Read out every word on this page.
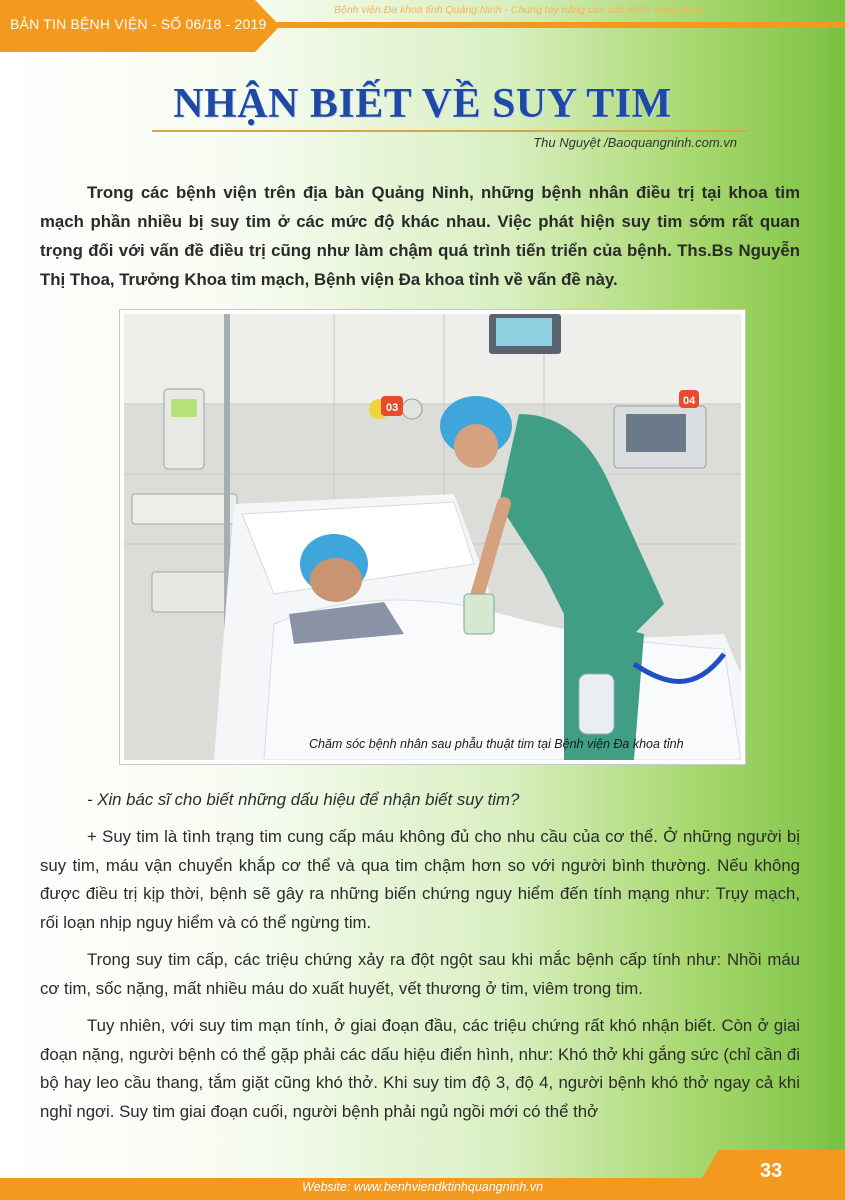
BẢN TIN BỆNH VIỆN - SỐ 06/18 - 2019
Bệnh viện Đa khoa tỉnh Quảng Ninh - Chung tay nâng cao sức khỏe cộng đồng
NHẬN BIẾT VỀ SUY TIM
Thu Nguyệt /Baoquangninh.com.vn
Trong các bệnh viện trên địa bàn Quảng Ninh, những bệnh nhân điều trị tại khoa tim mạch phần nhiều bị suy tim ở các mức độ khác nhau. Việc phát hiện suy tim sớm rất quan trọng đối với vấn đề điều trị cũng như làm chậm quá trình tiến triển của bệnh. Ths.Bs Nguyễn Thị Thoa, Trưởng Khoa tim mạch, Bệnh viện Đa khoa tỉnh về vấn đề này.
03
04
Chăm sóc bệnh nhân sau phẫu thuật tim tại Bệnh viện Đa khoa tỉnh
- Xin bác sĩ cho biết những dấu hiệu để nhận biết suy tim?
+ Suy tim là tình trạng tim cung cấp máu không đủ cho nhu cầu của cơ thể. Ở những người bị suy tim, máu vận chuyển khắp cơ thể và qua tim chậm hơn so với người bình thường. Nếu không được điều trị kịp thời, bệnh sẽ gây ra những biến chứng nguy hiểm đến tính mạng như: Trụy mạch, rối loạn nhịp nguy hiểm và có thể ngừng tim.
Trong suy tim cấp, các triệu chứng xảy ra đột ngột sau khi mắc bệnh cấp tính như: Nhồi máu cơ tim, sốc nặng, mất nhiều máu do xuất huyết, vết thương ở tim, viêm trong tim.
Tuy nhiên, với suy tim mạn tính, ở giai đoạn đầu, các triệu chứng rất khó nhận biết. Còn ở giai đoạn nặng, người bệnh có thể gặp phải các dấu hiệu điển hình, như: Khó thở khi gắng sức (chỉ cần đi bộ hay leo cầu thang, tắm giặt cũng khó thở. Khi suy tim độ 3, độ 4, người bệnh khó thở ngay cả khi nghỉ ngơi. Suy tim giai đoạn cuối, người bệnh phải ngủ ngồi mới có thể thở
33
Website: www.benhviendktinhquangninh.vn
